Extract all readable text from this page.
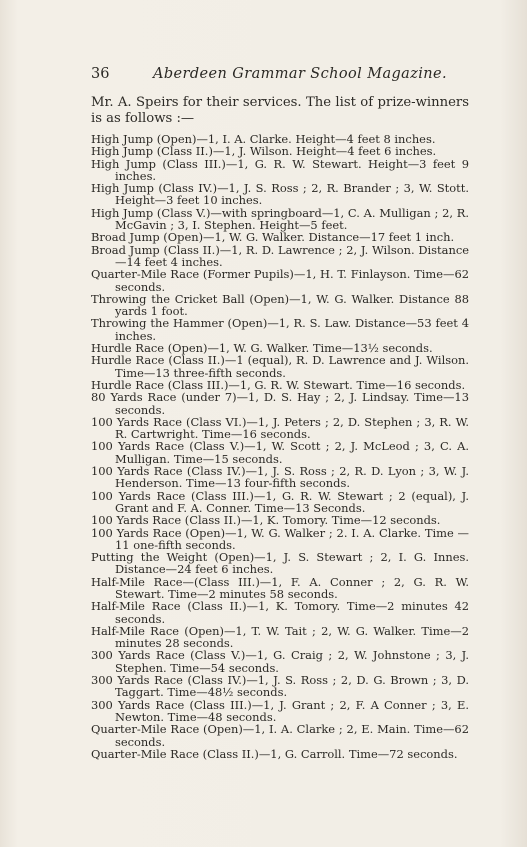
36	Aberdeen Grammar School Magazine.
Mr. A. Speirs for their services. The list of prize-winners is as follows :—
High Jump (Open)—1, I. A. Clarke. Height—4 feet 8 inches.
High Jump (Class II.)—1, J. Wilson. Height—4 feet 6 inches.
High Jump (Class III.)—1, G. R. W. Stewart. Height—3 feet 9 inches.
High Jump (Class IV.)—1, J. S. Ross ; 2, R. Brander ; 3, W. Stott. Height—3 feet 10 inches.
High Jump (Class V.)—with springboard—1, C. A. Mulligan ; 2, R. McGavin ; 3, I. Stephen. Height—5 feet.
Broad Jump (Open)—1, W. G. Walker. Distance—17 feet 1 inch.
Broad Jump (Class II.)—1, R. D. Lawrence ; 2, J. Wilson. Distance—14 feet 4 inches.
Quarter-Mile Race (Former Pupils)—1, H. T. Finlayson. Time—62 seconds.
Throwing the Cricket Ball (Open)—1, W. G. Walker. Distance 88 yards 1 foot.
Throwing the Hammer (Open)—1, R. S. Law. Distance—53 feet 4 inches.
Hurdle Race (Open)—1, W. G. Walker. Time—13½ seconds.
Hurdle Race (Class II.)—1 (equal), R. D. Lawrence and J. Wilson. Time—13 three-fifth seconds.
Hurdle Race (Class III.)—1, G. R. W. Stewart. Time—16 seconds.
80 Yards Race (under 7)—1, D. S. Hay ; 2, J. Lindsay. Time—13 seconds.
100 Yards Race (Class VI.)—1, J. Peters ; 2, D. Stephen ; 3, R. W. R. Cartwright. Time—16 seconds.
100 Yards Race (Class V.)—1, W. Scott ; 2, J. McLeod ; 3, C. A. Mulligan. Time—15 seconds.
100 Yards Race (Class IV.)—1, J. S. Ross ; 2, R. D. Lyon ; 3, W. J. Henderson. Time—13 four-fifth seconds.
100 Yards Race (Class III.)—1, G. R. W. Stewart ; 2 (equal), J. Grant and F. A. Conner. Time—13 Seconds.
100 Yards Race (Class II.)—1, K. Tomory. Time—12 seconds.
100 Yards Race (Open)—1, W. G. Walker ; 2. I. A. Clarke. Time — 11 one-fifth seconds.
Putting the Weight (Open)—1, J. S. Stewart ; 2, I. G. Innes. Distance—24 feet 6 inches.
Half-Mile Race—(Class III.)—1, F. A. Conner ; 2, G. R. W. Stewart. Time—2 minutes 58 seconds.
Half-Mile Race (Class II.)—1, K. Tomory. Time—2 minutes 42 seconds.
Half-Mile Race (Open)—1, T. W. Tait ; 2, W. G. Walker. Time—2 minutes 28 seconds.
300 Yards Race (Class V.)—1, G. Craig ; 2, W. Johnstone ; 3, J. Stephen. Time—54 seconds.
300 Yards Race (Class IV.)—1, J. S. Ross ; 2, D. G. Brown ; 3, D. Taggart. Time—48½ seconds.
300 Yards Race (Class III.)—1, J. Grant ; 2, F. A Conner ; 3, E. Newton. Time—48 seconds.
Quarter-Mile Race (Open)—1, I. A. Clarke ; 2, E. Main. Time—62 seconds.
Quarter-Mile Race (Class II.)—1, G. Carroll. Time—72 seconds.
